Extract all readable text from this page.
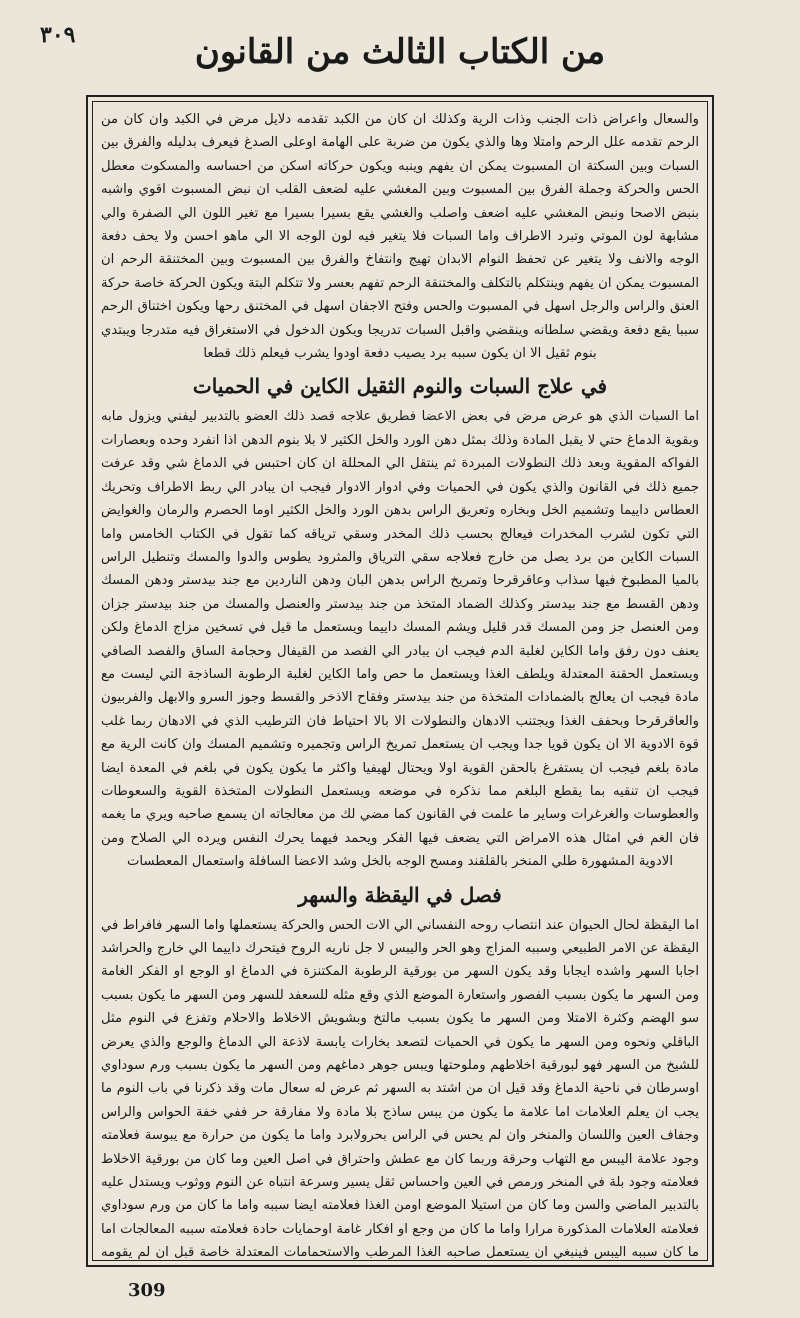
٣٠٩	من الكتاب الثالث من القانون

والسعال واعراض ذات الجنب وذات الرية وكذلك ان كان من الكبد تقدمه دلايل مرض في الكبد وان كان من الرحم تقدمه علل الرحم وامتلا وها والذي يكون من ضربة على الهامة اوعلى الصدغ فيعرف بدليله والفرق بين السبات وبين السكتة ان المسبوت يمكن ان يفهم وينبه ويكون حركاته اسكن من احساسه والمسكوت معطل الحس والحركة وجملة الفرق بين المسبوت وبين المغشي عليه لضعف القلب ان نبض المسبوت اقوي واشبه بنبض الاصحا ونبض المغشي عليه اضعف واصلب والغشي يقع بسيرا بسيرا مع تغير اللون الي الصفرة والي مشابهة لون الموتي وتبرد الاطراف واما السبات فلا يتغير فيه لون الوجه الا الي ماهو احسن ولا يحف دفعة الوجه والانف ولا يتغير عن تحفظ النوام الابدان تهيج وانتفاخ والفرق بين المسبوت وبين المختنقة الرحم ان المسبوت يمكن ان يفهم وينتكلم بالتكلف والمختنقة الرحم تفهم بعسر ولا تتكلم البتة ويكون الحركة خاصة حركة العنق والراس والرجل اسهل في المسبوت والحس وفتح الاجفان اسهل في المختنق رحها ويكون اختناق الرحم سببا يقع دفعة ويقضي سلطانه وينقضي واقبل السبات تدريجا ويكون الدخول في الاستغراق فيه متدرجا ويبتدي بنوم ثقيل الا ان يكون سببه برد يصيب دفعة اودوا يشرب فيعلم ذلك قطعا

في علاج السبات والنوم الثقيل الكاين في الحميات

اما السبات الذي هو عرض مرض في بعض الاعضا فطريق علاجه قصد ذلك العضو بالتدبير ليفني ويزول مابه وبقوية الدماغ حتي لا يقبل المادة وذلك بمثل دهن الورد والخل الكثير لا بلا بنوم الدهن اذا انفرد وحده وبعصارات الفواكه المقوية وبعد ذلك النطولات المبردة ثم ينتقل الي المحللة ان كان احتبس في الدماغ شي وقد عرفت جميع ذلك في القانون والذي يكون في الحميات وفي ادوار الادوار فيجب ان يبادر الي ربط الاطراف وتحريك العطاس داييما وتشميم الخل وبخاره وتعريق الراس بدهن الورد والخل الكثير اوما الحصرم والرمان والغوايض التي تكون لشرب المخدرات فيعالج بحسب ذلك المخدر وسقي ترياقه كما تقول في الكتاب الخامس واما السبات الكاين من برد يصل من خارج فعلاجه سقي الترياق والمثرود يطوس والدوا والمسك وتنطيل الراس بالميا المطبوخ فيها سذاب وعاقرقرحا وتمريخ الراس بدهن البان ودهن الناردين مع جند بيدستر ودهن المسك ودهن القسط مع جند بيدستر وكذلك الضماد المتخذ من جند بيدستر والعنصل والمسك من جند بيدستر جزان ومن العنصل جز ومن المسك قدر قليل ويشم المسك داييما ويستعمل ما قيل في تسخين مزاج الدماغ ولكن يعنف دون رفق واما الكاين لغلبة الدم فيجب ان يبادر الي الفصد من القيفال وحجامة الساق والفصد الصافي ويستعمل الحقنة المعتدلة ويلطف الغذا ويستعمل ما حص واما الكاين لغلبة الرطوبة الساذجة التي ليست مع مادة فيجب ان يعالج بالضمادات المتخذة من جند بيدستر وفقاح الاذخر والقسط وجوز السرو والابهل والفربيون والعاقرقرحا وبحفف الغذا ويجتنب الادهان والنطولات الا بالا احتياط فان الترطيب الذي في الادهان ربما غلب قوة الادوية الا ان يكون قويا جدا ويجب ان يستعمل تمريخ الراس وتجميره وتشميم المسك وان كانت الرية مع مادة بلغم فيجب ان يستفرغ بالحقن القوية اولا ويحتال لهيفيا واكثر ما يكون يكون في بلغم في المعدة ايضا فيجب ان تنقيه بما يقطع البلغم مما نذكره في موضعه ويستعمل النطولات المتخذة القوية والسعوطات والعطوسات والغرغرات وساير ما علمت في القانون كما مضي لك من معالجاته ان يسمع صاحبه ويري ما يغمه فان الغم في امثال هذه الامراض التي يضعف فيها الفكر ويحمد فيهما يحرك النفس ويرده الي الصلاح ومن الادوية المشهورة طلي المنخر بالقلقند ومسح الوجه بالخل وشد الاعضا السافلة واستعمال المعطسات

فصل في اليقظة والسهر

اما اليقظة لحال الحيوان عند انتصاب روحه النفساني الي الات الحس والحركة يستعملها واما السهر فافراط في اليقظة عن الامر الطبيعي وسببه المزاج وهو الحر واليبس لا جل ناريه الروح فيتحرك داييما الي خارج والحراشد اجابا السهر واشده ايجابا وقد يكون السهر من بورقية الرطوبة المكتنزة في الدماغ او الوجع او الفكر الغامة ومن السهر ما يكون بسبب الفصور واستعارة الموضع الذي وقع مثله للسعفد للسهر ومن السهر ما يكون بسبب سو الهضم وكثرة الامتلا ومن السهر ما يكون بسبب مالتخ وبشويش الاخلاط والاحلام وتفزع في النوم مثل الباقلي ونحوه ومن السهر ما يكون في الحميات لتصعد بخارات يابسة لاذعة الي الدماغ والوجع والذي يعرض للشيخ من السهر فهو لبورقية اخلاطهم وملوحتها ويبس جوهر دماغهم ومن السهر ما يكون بسبب ورم سوداوي اوسرطان في ناحية الدماغ وقد قيل ان من اشتد به السهر ثم عرض له سعال مات وقد ذكرنا في باب النوم ما يجب ان يعلم العلامات اما علامة ما يكون من يبس ساذج بلا مادة ولا مفارقة حر ففي خفة الحواس والراس وجفاف العين واللسان والمنخر وان لم يحس في الراس بحرولابرد واما ما يكون من حرارة مع يبوسة فعلامته وجود علامة اليبس مع التهاب وحرقة وربما كان مع عطش واحتراق في اصل العين وما كان من بورقية الاخلاط فعلامته وجود بلة في المنخر ورمص في العين واحساس ثقل يسير وسرعة انتباه عن النوم ووثوب ويستدل عليه بالتدبير الماضي والسن وما كان من استيلا الموضع اومن الغذا فعلامته ايضا سببه واما ما كان من ورم سوداوي فعلامته العلامات المذكورة مرارا واما ما كان من وجع او افكار غامة اوحمايات حادة فعلامته سببه المعالجات اما ما كان سببه اليبس فينبغي ان يستعمل صاحبه الغذا المرطب والاستحمامات المعتدلة خاصة قبل ان لم يقومه

309
